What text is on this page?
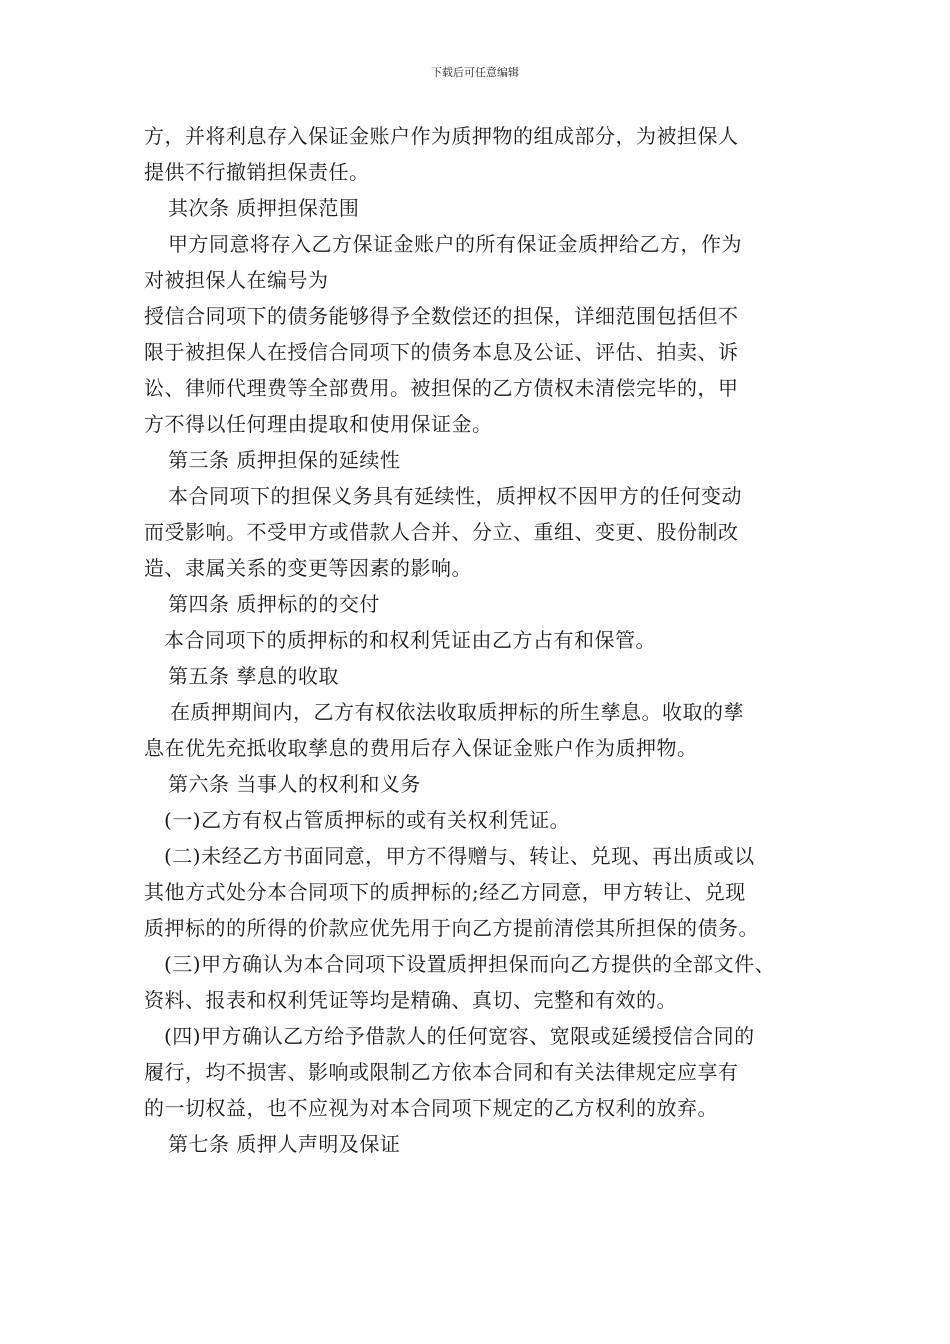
下载后可任意编辑
方，并将利息存入保证金账户作为质押物的组成部分，为被担保人
提供不行撤销担保责任。
其次条 质押担保范围
甲方同意将存入乙方保证金账户的所有保证金质押给乙方，作为
对被担保人在编号为
授信合同项下的债务能够得予全数偿还的担保，详细范围包括但不
限于被担保人在授信合同项下的债务本息及公证、评估、拍卖、诉
讼、律师代理费等全部费用。被担保的乙方债权未清偿完毕的，甲
方不得以任何理由提取和使用保证金。
第三条 质押担保的延续性
本合同项下的担保义务具有延续性，质押权不因甲方的任何变动
而受影响。不受甲方或借款人合并、分立、重组、变更、股份制改
造、隶属关系的变更等因素的影响。
第四条 质押标的的交付
本合同项下的质押标的和权利凭证由乙方占有和保管。
第五条 孳息的收取
在质押期间内，乙方有权依法收取质押标的所生孳息。收取的孳
息在优先充抵收取孳息的费用后存入保证金账户作为质押物。
第六条 当事人的权利和义务
(一)乙方有权占管质押标的或有关权利凭证。
(二)未经乙方书面同意，甲方不得赠与、转让、兑现、再出质或以
其他方式处分本合同项下的质押标的;经乙方同意，甲方转让、兑现
质押标的的所得的价款应优先用于向乙方提前清偿其所担保的债务。
(三)甲方确认为本合同项下设置质押担保而向乙方提供的全部文件、
资料、报表和权利凭证等均是精确、真切、完整和有效的。
(四)甲方确认乙方给予借款人的任何宽容、宽限或延缓授信合同的
履行，均不损害、影响或限制乙方依本合同和有关法律规定应享有
的一切权益，也不应视为对本合同项下规定的乙方权利的放弃。
第七条 质押人声明及保证
